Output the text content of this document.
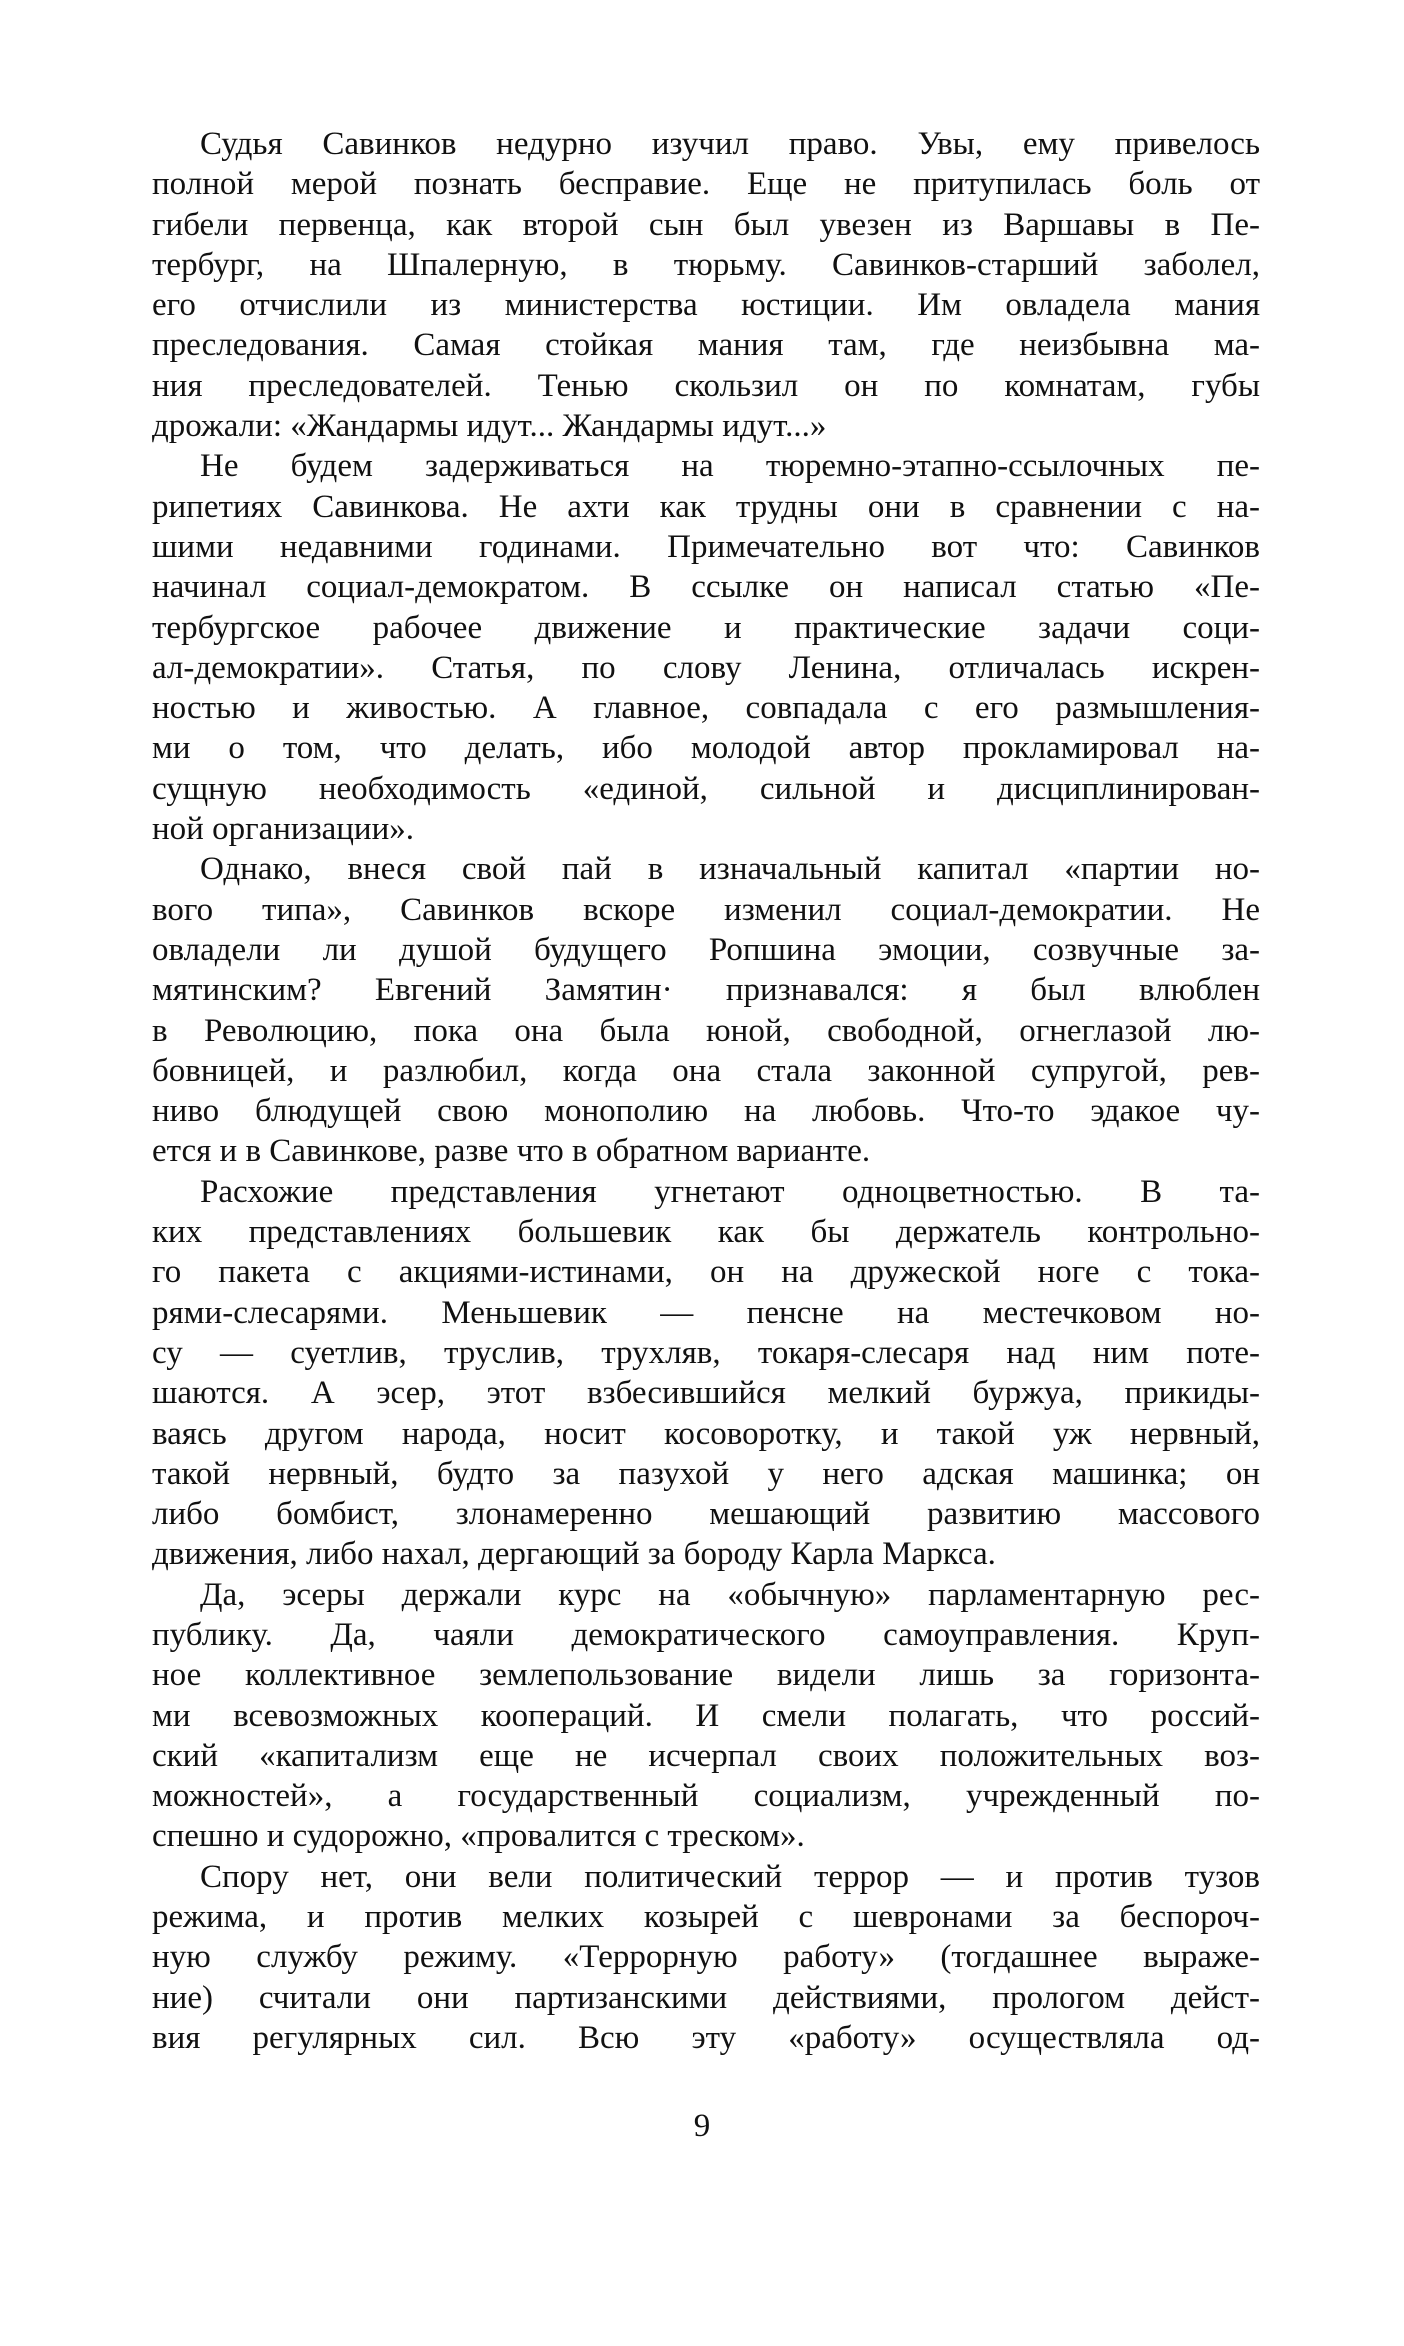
Судья Савинков недурно изучил право. Увы, ему привелось
полной мерой познать бесправие. Еще не притупилась боль от
гибели первенца, как второй сын был увезен из Варшавы в Пе-
тербург, на Шпалерную, в тюрьму. Савинков-старший заболел,
его отчислили из министерства юстиции. Им овладела мания
преследования. Самая стойкая мания там, где неизбывна ма-
ния преследователей. Тенью скользил он по комнатам, губы
дрожали: «Жандармы идут... Жандармы идут...»
Не будем задерживаться на тюремно-этапно-ссылочных пе-
рипетиях Савинкова. Не ахти как трудны они в сравнении с на-
шими недавними годинами. Примечательно вот что: Савинков
начинал социал-демократом. В ссылке он написал статью «Пе-
тербургское рабочее движение и практические задачи соци-
ал-демократии». Статья, по слову Ленина, отличалась искрен-
ностью и живостью. А главное, совпадала с его размышления-
ми о том, что делать, ибо молодой автор прокламировал на-
сущную необходимость «единой, сильной и дисциплинирован-
ной организации».
Однако, внеся свой пай в изначальный капитал «партии но-
вого типа», Савинков вскоре изменил социал-демократии. Не
овладели ли душой будущего Ропшина эмоции, созвучные за-
мятинским? Евгений Замятин· признавался: я был влюблен
в Революцию, пока она была юной, свободной, огнеглазой лю-
бовницей, и разлюбил, когда она стала законной супругой, рев-
ниво блюдущей свою монополию на любовь. Что-то эдакое чу-
ется и в Савинкове, разве что в обратном варианте.
Расхожие представления угнетают одноцветностью. В та-
ких представлениях большевик как бы держатель контрольно-
го пакета с акциями-истинами, он на дружеской ноге с тока-
рями-слесарями. Меньшевик — пенсне на местечковом но-
су — суетлив, труслив, трухляв, токаря-слесаря над ним поте-
шаются. А эсер, этот взбесившийся мелкий буржуа, прикиды-
ваясь другом народа, носит косоворотку, и такой уж нервный,
такой нервный, будто за пазухой у него адская машинка; он
либо бомбист, злонамеренно мешающий развитию массового
движения, либо нахал, дергающий за бороду Карла Маркса.
Да, эсеры держали курс на «обычную» парламентарную рес-
публику. Да, чаяли демократического самоуправления. Круп-
ное коллективное землепользование видели лишь за горизонта-
ми всевозможных коопераций. И смели полагать, что россий-
ский «капитализм еще не исчерпал своих положительных воз-
можностей», а государственный социализм, учрежденный по-
спешно и судорожно, «провалится с треском».
Спору нет, они вели политический террор — и против тузов
режима, и против мелких козырей с шевронами за беспороч-
ную службу режиму. «Террорную работу» (тогдашнее выраже-
ние) считали они партизанскими действиями, прологом дейст-
вия регулярных сил. Всю эту «работу» осуществляла од-
9
